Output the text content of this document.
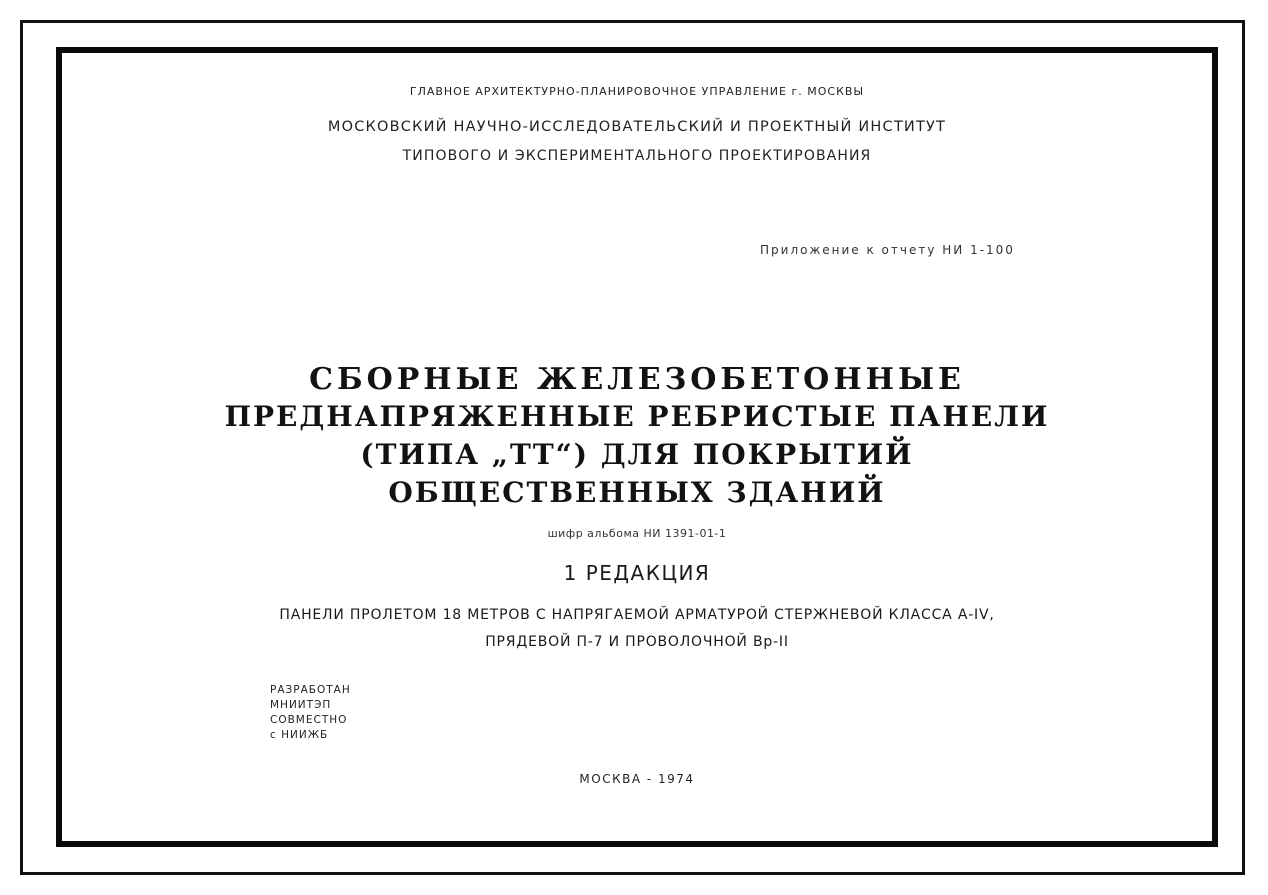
ГЛАВНОЕ АРХИТЕКТУРНО-ПЛАНИРОВОЧНОЕ УПРАВЛЕНИЕ г. МОСКВЫ
МОСКОВСКИЙ НАУЧНО-ИССЛЕДОВАТЕЛЬСКИЙ И ПРОЕКТНЫЙ ИНСТИТУТ
ТИПОВОГО И ЭКСПЕРИМЕНТАЛЬНОГО ПРОЕКТИРОВАНИЯ
Приложение к отчету НИ 1-100
СБОРНЫЕ ЖЕЛЕЗОБЕТОННЫЕ
ПРЕДНАПРЯЖЕННЫЕ РЕБРИСТЫЕ ПАНЕЛИ
(ТИПА „ТТ“) ДЛЯ ПОКРЫТИЙ
ОБЩЕСТВЕННЫХ ЗДАНИЙ
шифр альбома НИ 1391-01-1
1 РЕДАКЦИЯ
ПАНЕЛИ ПРОЛЕТОМ 18 МЕТРОВ С НАПРЯГАЕМОЙ АРМАТУРОЙ СТЕРЖНЕВОЙ КЛАССА А-IV,
ПРЯДЕВОЙ П-7 И ПРОВОЛОЧНОЙ Вр-II
РАЗРАБОТАН
МНИИТЭП
СОВМЕСТНО
с НИИЖБ
МОСКВА - 1974
